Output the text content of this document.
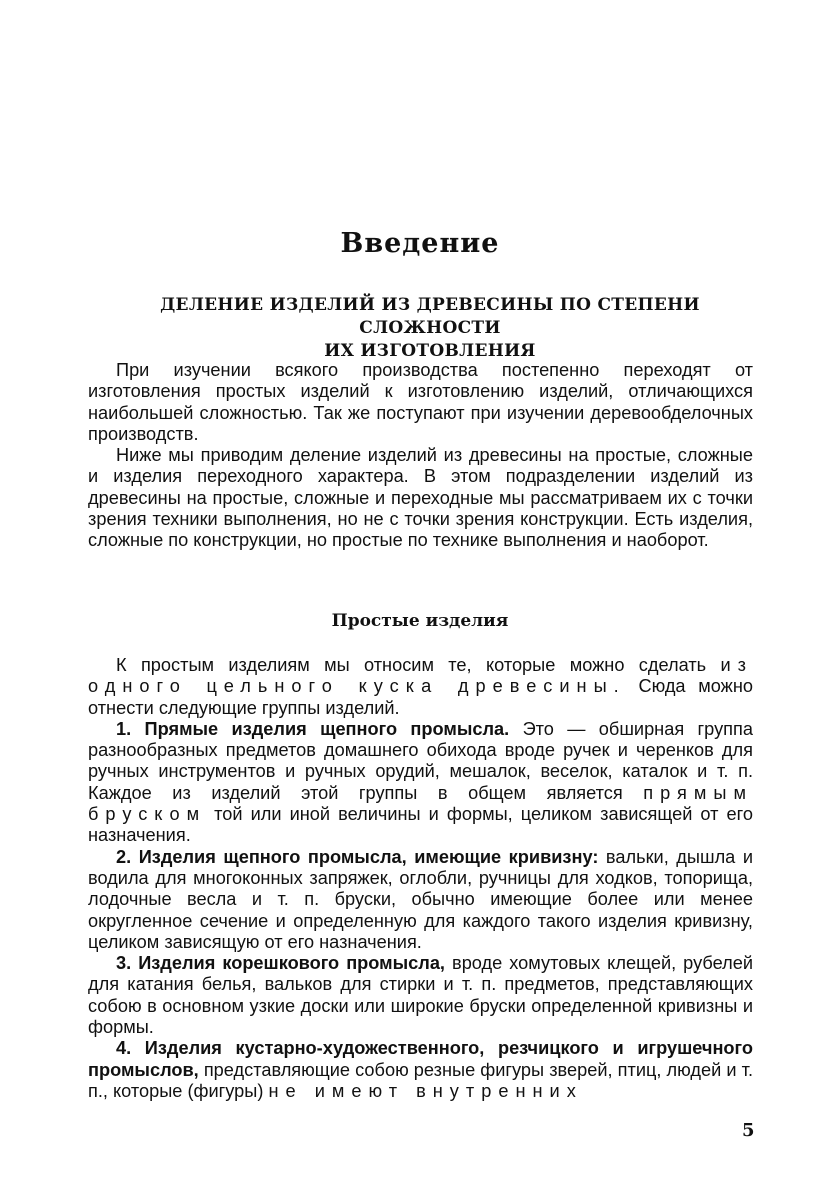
Введение
ДЕЛЕНИЕ ИЗДЕЛИЙ ИЗ ДРЕВЕСИНЫ ПО СТЕПЕНИ СЛОЖНОСТИ
ИХ ИЗГОТОВЛЕНИЯ

При изучении всякого производства постепенно переходят от изготовления простых изделий к изготовлению изделий, отличающихся наибольшей сложностью. Так же поступают при изучении деревообделочных производств.

Ниже мы приводим деление изделий из древесины на простые, сложные и изделия переходного характера. В этом подразделении изделий из древесины на простые, сложные и переходные мы рассматриваем их с точки зрения техники выполнения, но не с точки зрения конструкции. Есть изделия, сложные по конструкции, но простые по технике выполнения и наоборот.

Простые изделия

К простым изделиям мы относим те, которые можно сделать из одного цельного куска древесины. Сюда можно отнести следующие группы изделий.

1. Прямые изделия щепного промысла. Это — обширная группа разнообразных предметов домашнего обихода вроде ручек и черенков для ручных инструментов и ручных орудий, мешалок, веселок, каталок и т. п. Каждое из изделий этой группы в общем является прямым бруском той или иной величины и формы, целиком зависящей от его назначения.

2. Изделия щепного промысла, имеющие кривизну: вальки, дышла и водила для многоконных запряжек, оглобли, ручницы для ходков, топорища, лодочные весла и т. п. бруски, обычно имеющие более или менее округленное сечение и определенную для каждого такого изделия кривизну, целиком зависящую от его назначения.

3. Изделия корешкового промысла, вроде хомутовых клещей, рубелей для катания белья, вальков для стирки и т. п. предметов, представляющих собою в основном узкие доски или широкие бруски определенной кривизны и формы.

4. Изделия кустарно-художественного, резчицкого и игрушечного промыслов, представляющие собою резные фигуры зверей, птиц, людей и т. п., которые (фигуры) не имеют внутренних

5
